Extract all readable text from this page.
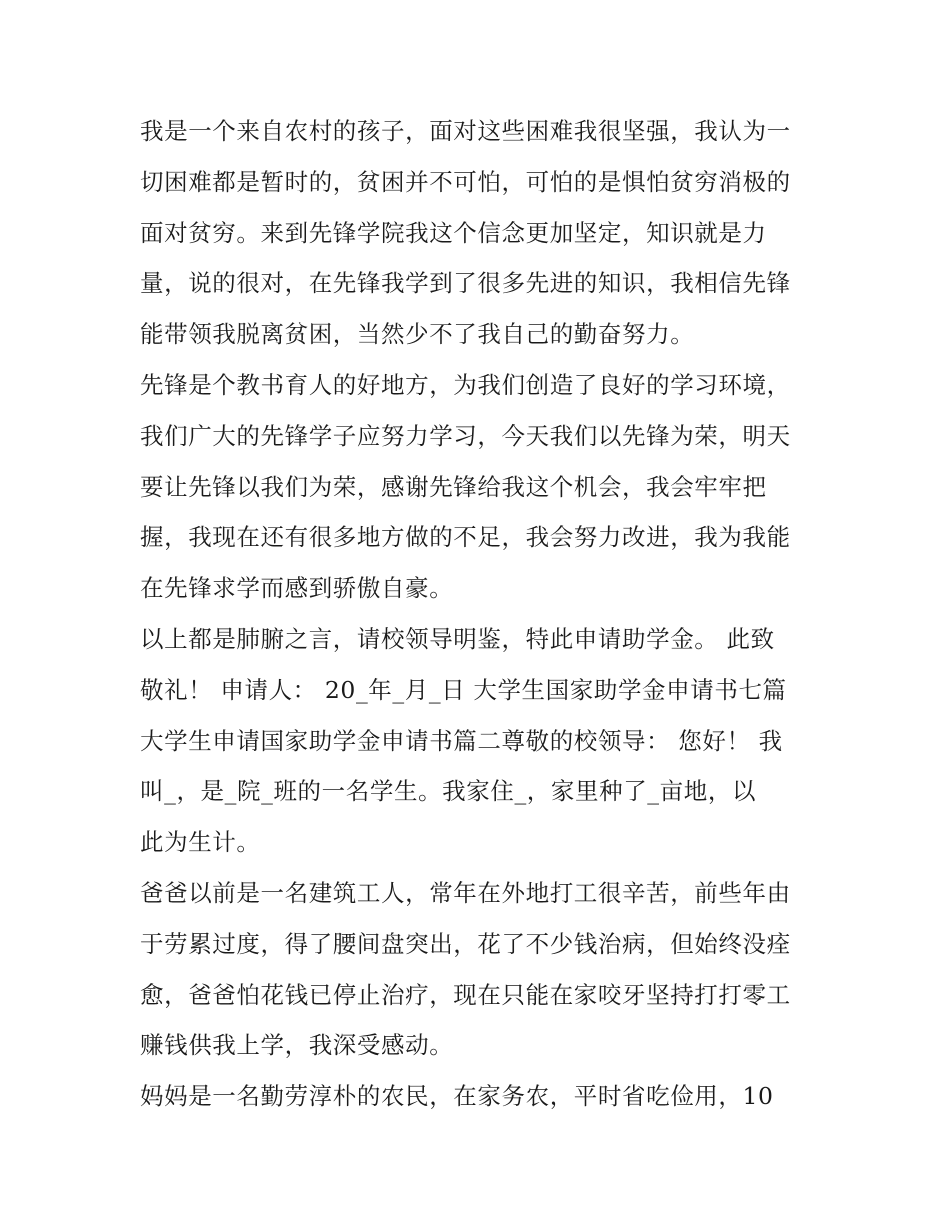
我是一个来自农村的孩子，面对这些困难我很坚强，我认为一
切困难都是暂时的，贫困并不可怕，可怕的是惧怕贫穷消极的
面对贫穷。来到先锋学院我这个信念更加坚定，知识就是力
量，说的很对，在先锋我学到了很多先进的知识，我相信先锋
能带领我脱离贫困，当然少不了我自己的勤奋努力。
先锋是个教书育人的好地方，为我们创造了良好的学习环境，
我们广大的先锋学子应努力学习，今天我们以先锋为荣，明天
要让先锋以我们为荣，感谢先锋给我这个机会，我会牢牢把
握，我现在还有很多地方做的不足，我会努力改进，我为我能
在先锋求学而感到骄傲自豪。
以上都是肺腑之言，请校领导明鉴，特此申请助学金。 此致
敬礼！ 申请人： 20_年_月_日 大学生国家助学金申请书七篇
大学生申请国家助学金申请书篇二尊敬的校领导： 您好！ 我
叫_，是_院_班的一名学生。我家住_，家里种了_亩地，以
此为生计。
爸爸以前是一名建筑工人，常年在外地打工很辛苦，前些年由
于劳累过度，得了腰间盘突出，花了不少钱治病，但始终没痊
愈，爸爸怕花钱已停止治疗，现在只能在家咬牙坚持打打零工
赚钱供我上学，我深受感动。
妈妈是一名勤劳淳朴的农民，在家务农，平时省吃俭用，10
